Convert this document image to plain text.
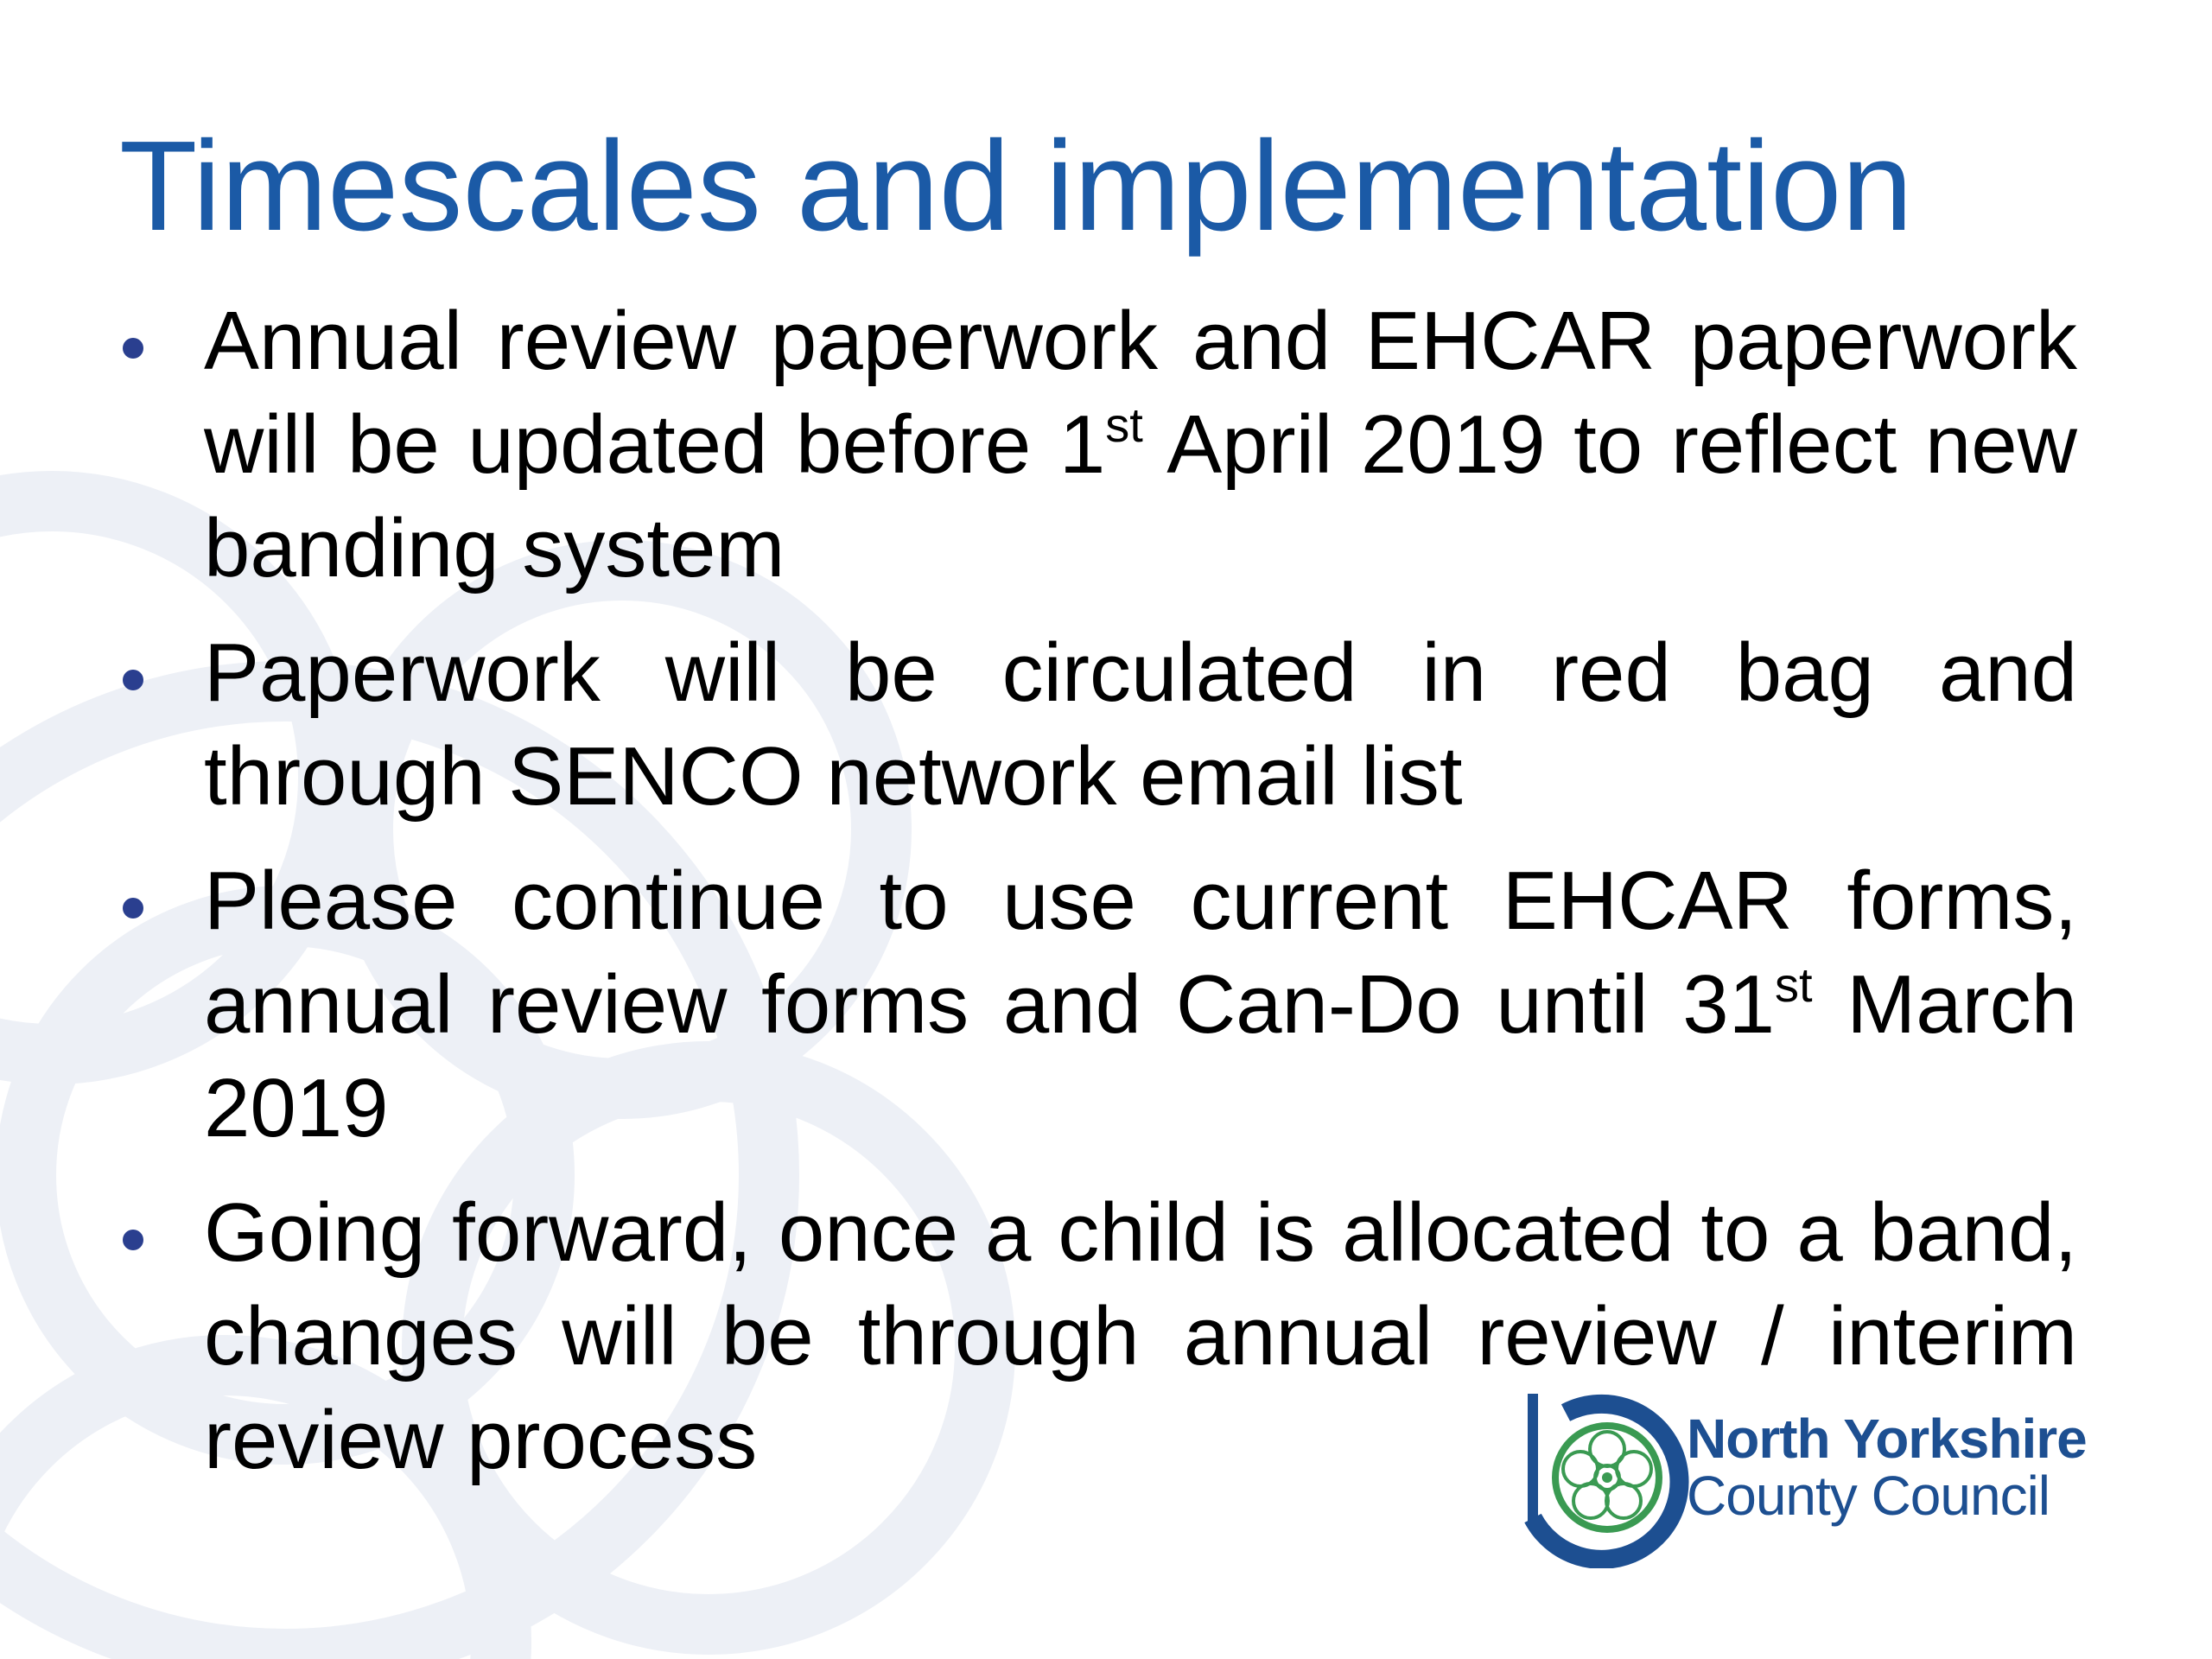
Timescales and implementation
Annual review paperwork and EHCAR paperwork will be updated before 1st April 2019 to reflect new banding system
Paperwork will be circulated in red bag and through SENCO network email list
Please continue to use current EHCAR forms, annual review forms and Can-Do until 31st March 2019
Going forward, once a child is allocated to a band, changes will be through annual review / interim review process	North Yorkshire
County Council
